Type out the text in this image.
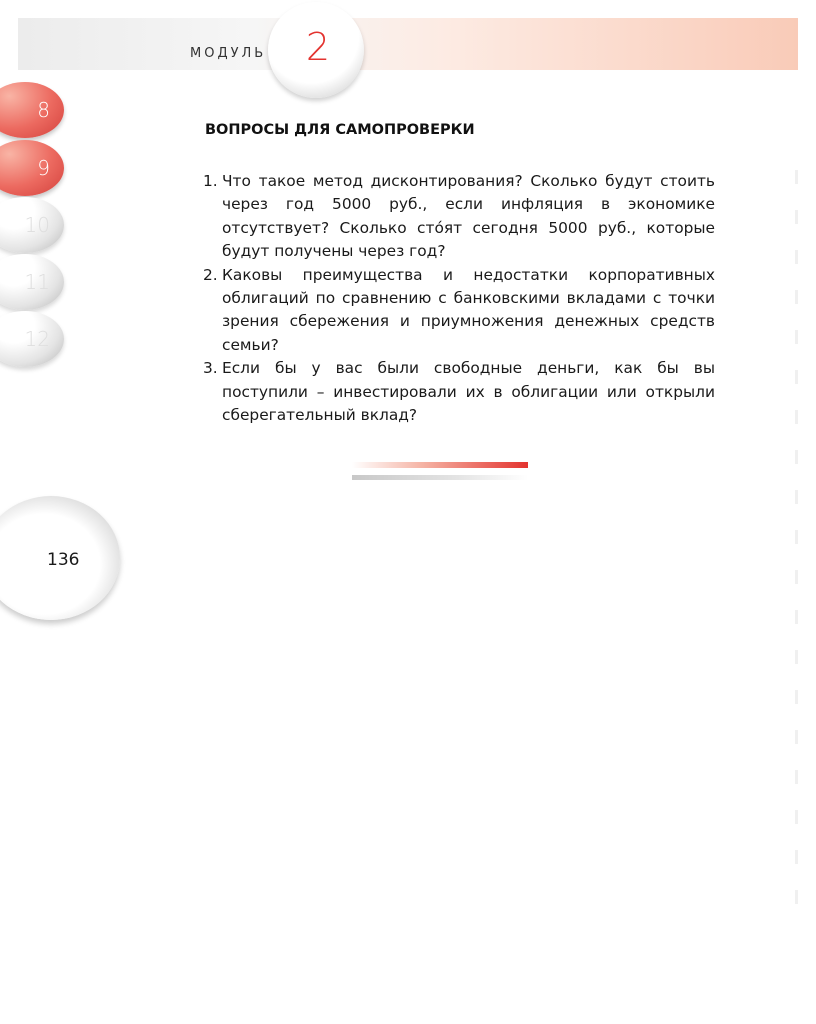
МОДУЛЬ 2
8
9
10
11
12
ВОПРОСЫ ДЛЯ САМОПРОВЕРКИ
1. Что такое метод дисконтирования? Сколько будут стоить через год 5000 руб., если инфляция в экономике отсутствует? Сколько сто́ят сегодня 5000 руб., которые будут получены через год?
2. Каковы преимущества и недостатки корпоративных облигаций по сравнению с банковскими вкладами с точки зрения сбережения и приумножения денежных средств семьи?
3. Если бы у вас были свободные деньги, как бы вы поступили – инвестировали их в облигации или открыли сберегательный вклад?
136
